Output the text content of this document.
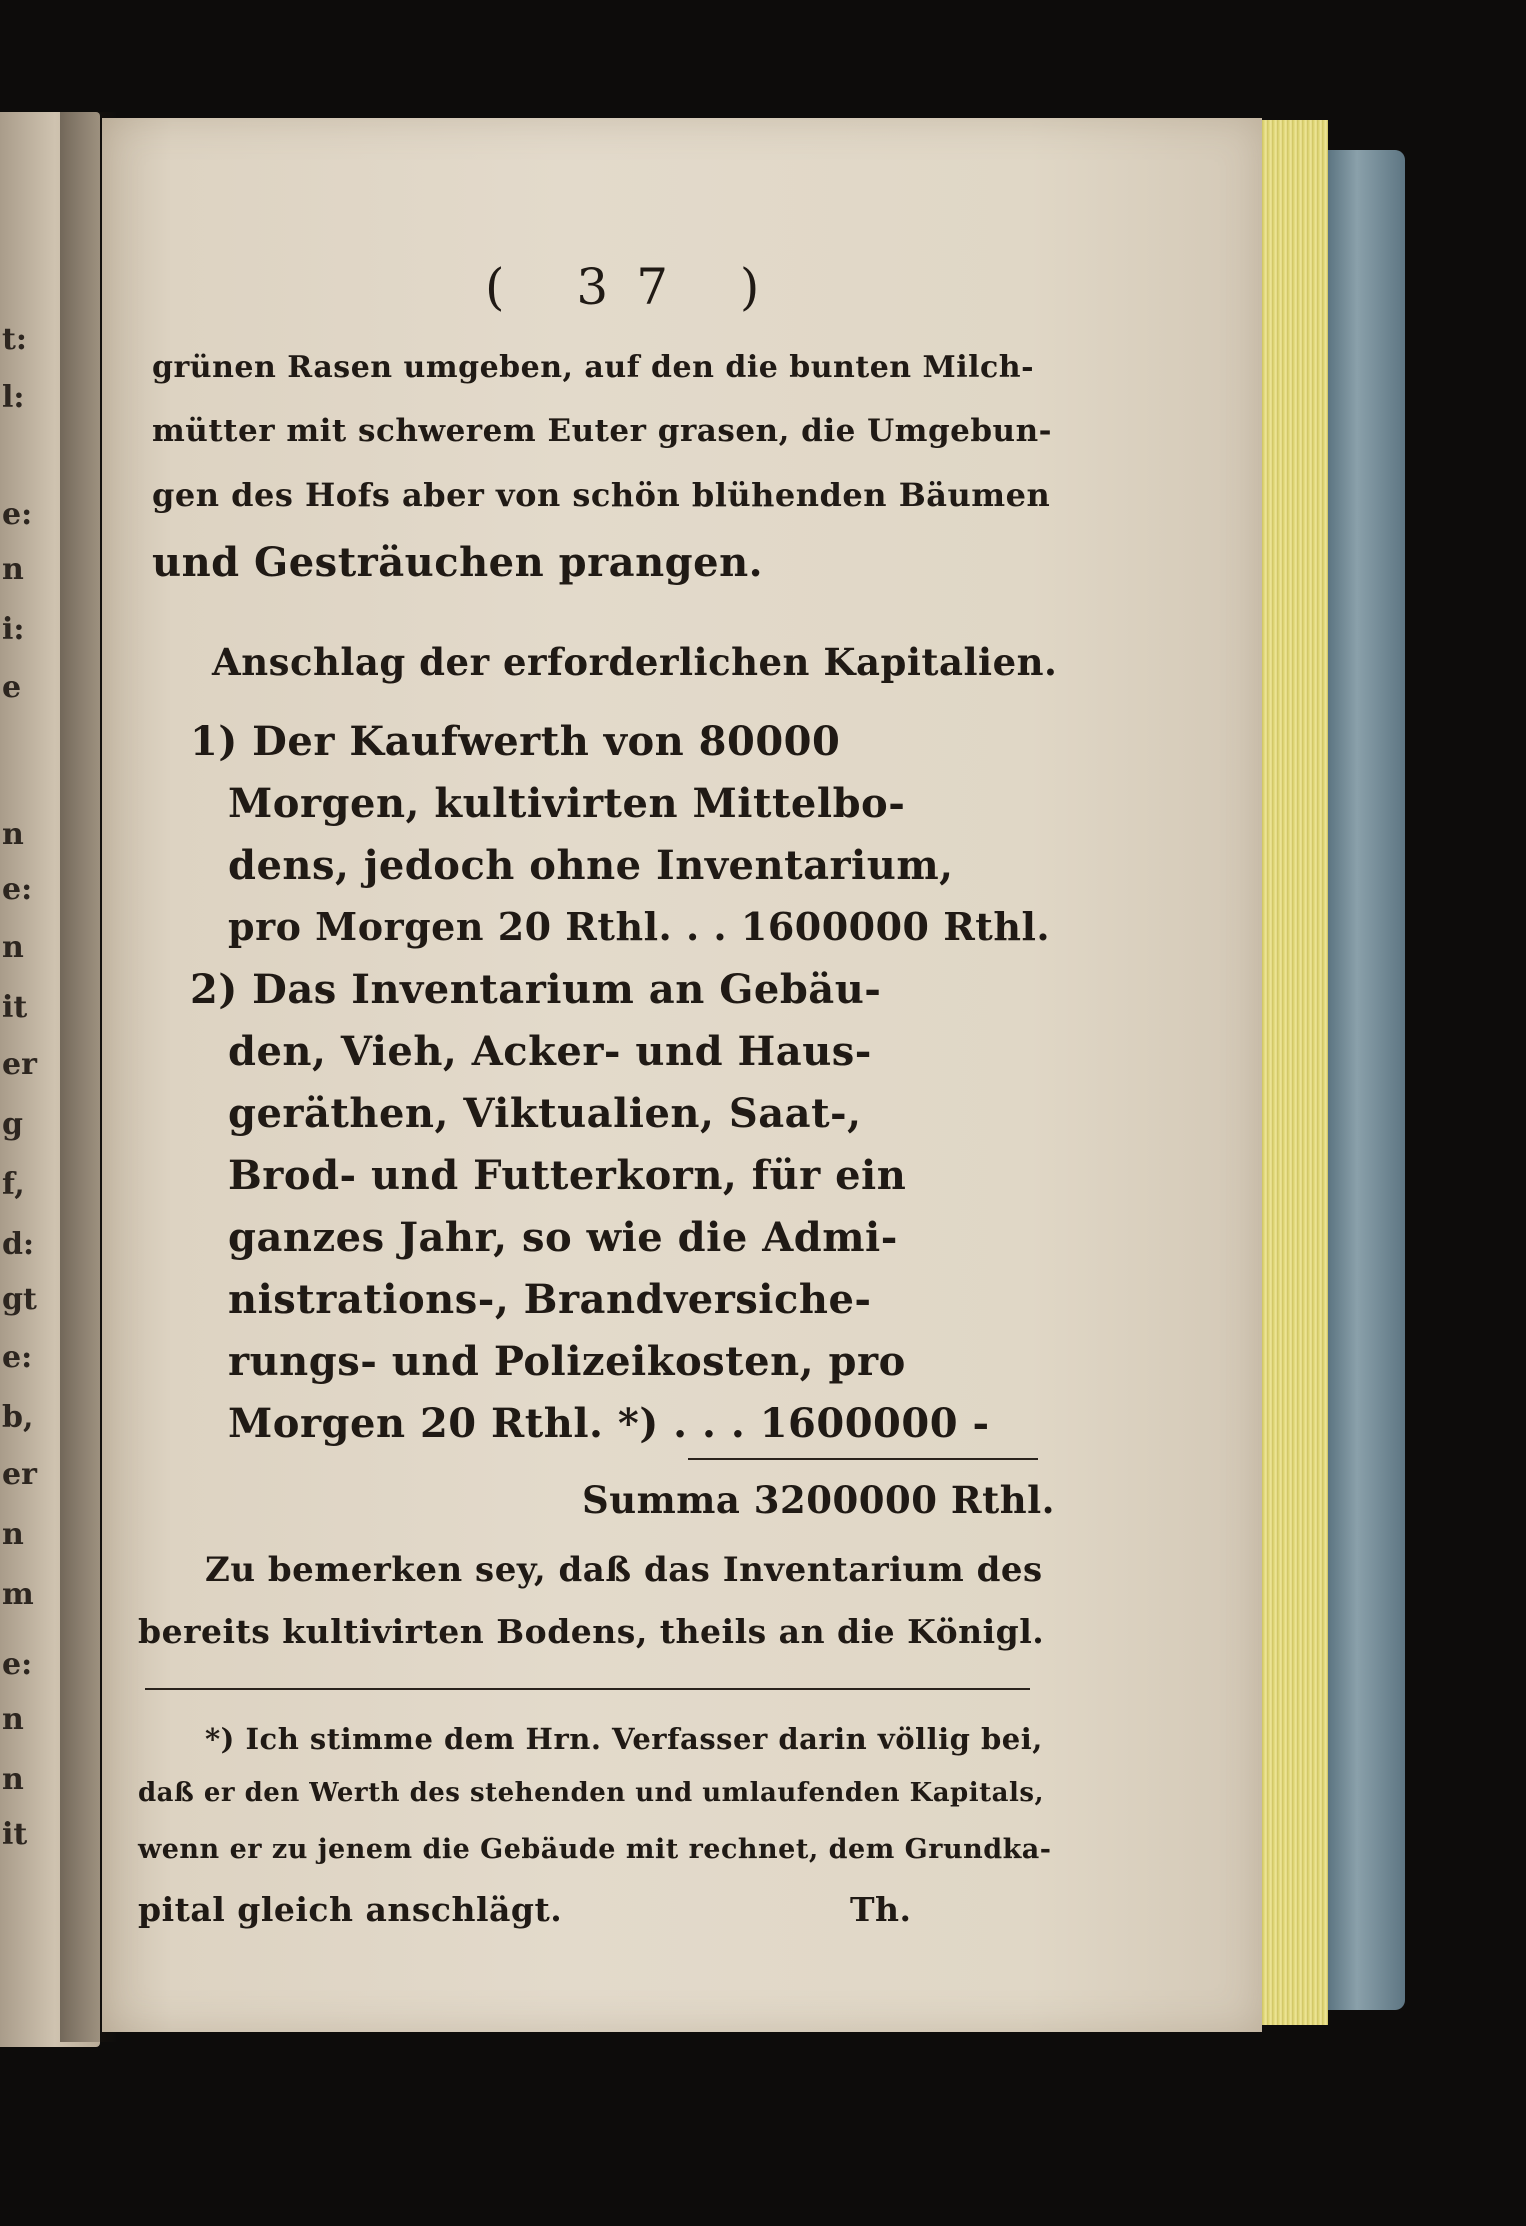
t:
l:
e:
n
i:
e
n
e:
n
it
er
g
f,
d:
gt
e:
b,
er
n
m
e:
n
n
it
( 37 )
grünen Rasen umgeben, auf den die bunten Milch-
mütter mit schwerem Euter grasen, die Umgebun-
gen des Hofs aber von schön blühenden Bäumen
und Gesträuchen prangen.
Anschlag der erforderlichen Kapitalien.
1) Der Kaufwerth von 80000
Morgen, kultivirten Mittelbo-
dens, jedoch ohne Inventarium,
pro Morgen 20 Rthl. . . 1600000 Rthl.
2) Das Inventarium an Gebäu-
den, Vieh, Acker- und Haus-
geräthen, Viktualien, Saat-,
Brod- und Futterkorn, für ein
ganzes Jahr, so wie die Admi-
nistrations-, Brandversiche-
rungs- und Polizeikosten, pro
Morgen 20 Rthl. *) . . . 1600000 -
Summa 3200000 Rthl.
Zu bemerken sey, daß das Inventarium des
bereits kultivirten Bodens, theils an die Königl.
*) Ich stimme dem Hrn. Verfasser darin völlig bei,
daß er den Werth des stehenden und umlaufenden Kapitals,
wenn er zu jenem die Gebäude mit rechnet, dem Grundka-
pital gleich anschlägt.                        Th.
